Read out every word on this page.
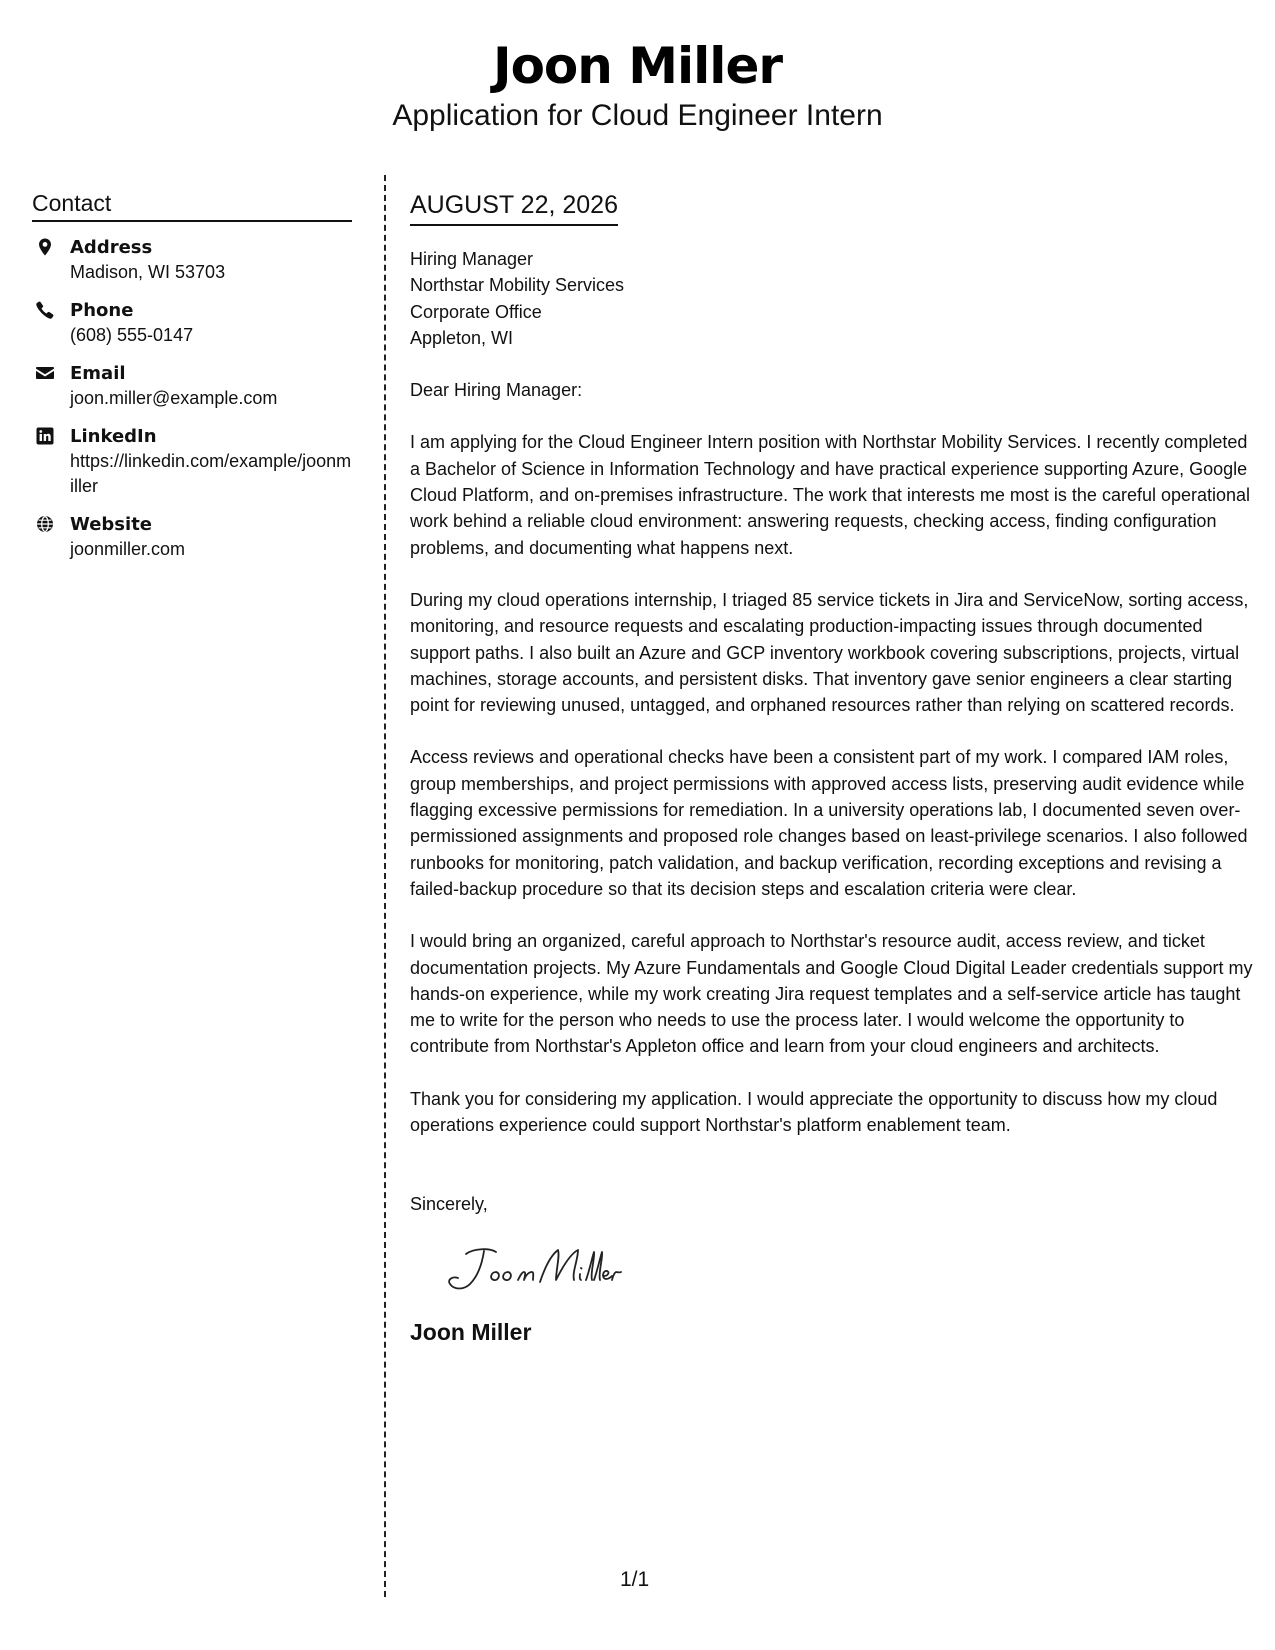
Joon Miller
Application for Cloud Engineer Intern
Contact
Address
Madison, WI 53703
Phone
(608) 555-0147
Email
joon.miller@example.com
LinkedIn
https://linkedin.com/example/joonmiller
Website
joonmiller.com
AUGUST 22, 2026
Hiring Manager
Northstar Mobility Services
Corporate Office
Appleton, WI
Dear Hiring Manager:

I am applying for the Cloud Engineer Intern position with Northstar Mobility Services. I recently completed a Bachelor of Science in Information Technology and have practical experience supporting Azure, Google Cloud Platform, and on-premises infrastructure. The work that interests me most is the careful operational work behind a reliable cloud environment: answering requests, checking access, finding configuration problems, and documenting what happens next.

During my cloud operations internship, I triaged 85 service tickets in Jira and ServiceNow, sorting access, monitoring, and resource requests and escalating production-impacting issues through documented support paths. I also built an Azure and GCP inventory workbook covering subscriptions, projects, virtual machines, storage accounts, and persistent disks. That inventory gave senior engineers a clear starting point for reviewing unused, untagged, and orphaned resources rather than relying on scattered records.

Access reviews and operational checks have been a consistent part of my work. I compared IAM roles, group memberships, and project permissions with approved access lists, preserving audit evidence while flagging excessive permissions for remediation. In a university operations lab, I documented seven over-permissioned assignments and proposed role changes based on least-privilege scenarios. I also followed runbooks for monitoring, patch validation, and backup verification, recording exceptions and revising a failed-backup procedure so that its decision steps and escalation criteria were clear.

I would bring an organized, careful approach to Northstar's resource audit, access review, and ticket documentation projects. My Azure Fundamentals and Google Cloud Digital Leader credentials support my hands-on experience, while my work creating Jira request templates and a self-service article has taught me to write for the person who needs to use the process later. I would welcome the opportunity to contribute from Northstar's Appleton office and learn from your cloud engineers and architects.

Thank you for considering my application. I would appreciate the opportunity to discuss how my cloud operations experience could support Northstar's platform enablement team.

Sincerely,
Joon Miller
1/1
